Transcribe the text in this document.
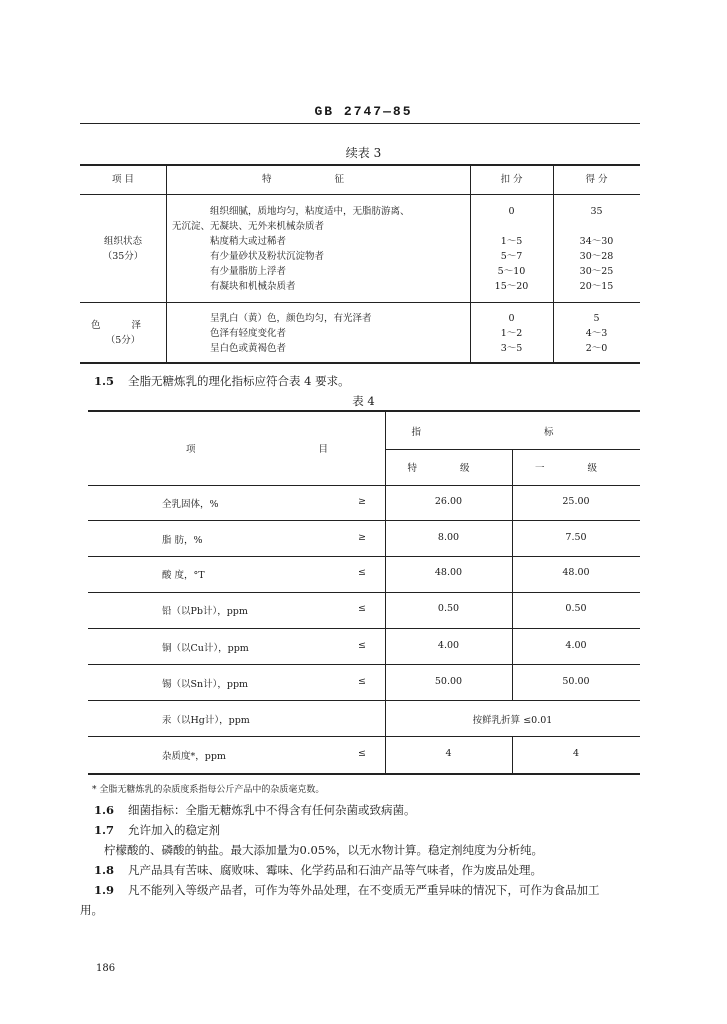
GB 2747—85
续表 3
项 目	特 征	扣 分	得 分
组织状态
（35分）
组织细腻，质地均匀，粘度适中，无脂肪游离、	0	35
无沉淀、无凝块、无外来机械杂质者
粘度稍大或过稀者	1～5	34～30
有少量砂状及粉状沉淀物者	5～7	30～28
有少量脂肪上浮者	5～10	30～25
有凝块和机械杂质者	15～20	20～15
色 泽
（5分）
呈乳白（黄）色，颜色均匀，有光泽者	0	5
色泽有轻度变化者	1～2	4～3
呈白色或黄褐色者	3～5	2～0
1.5 全脂无糖炼乳的理化指标应符合表 4 要求。
表 4
项 目
指 标
特 级	一 级
全乳固体，%	≥	26.00	25.00
脂 肪，%	≥	8.00	7.50
酸 度，°T	≤	48.00	48.00
铅（以Pb计），ppm	≤	0.50	0.50
铜（以Cu计），ppm	≤	4.00	4.00
锡（以Sn计），ppm	≤	50.00	50.00
汞（以Hg计），ppm	按鲜乳折算 ≤0.01
杂质度*，ppm	≤	4	4
* 全脂无糖炼乳的杂质度系指每公斤产品中的杂质毫克数。
1.6 细菌指标：全脂无糖炼乳中不得含有任何杂菌或致病菌。
1.7 允许加入的稳定剂
柠檬酸的、磷酸的钠盐。最大添加量为0.05%，以无水物计算。稳定剂纯度为分析纯。
1.8 凡产品具有苦味、腐败味、霉味、化学药品和石油产品等气味者，作为废品处理。
1.9 凡不能列入等级产品者，可作为等外品处理，在不变质无严重异味的情况下，可作为食品加工
用。
186
